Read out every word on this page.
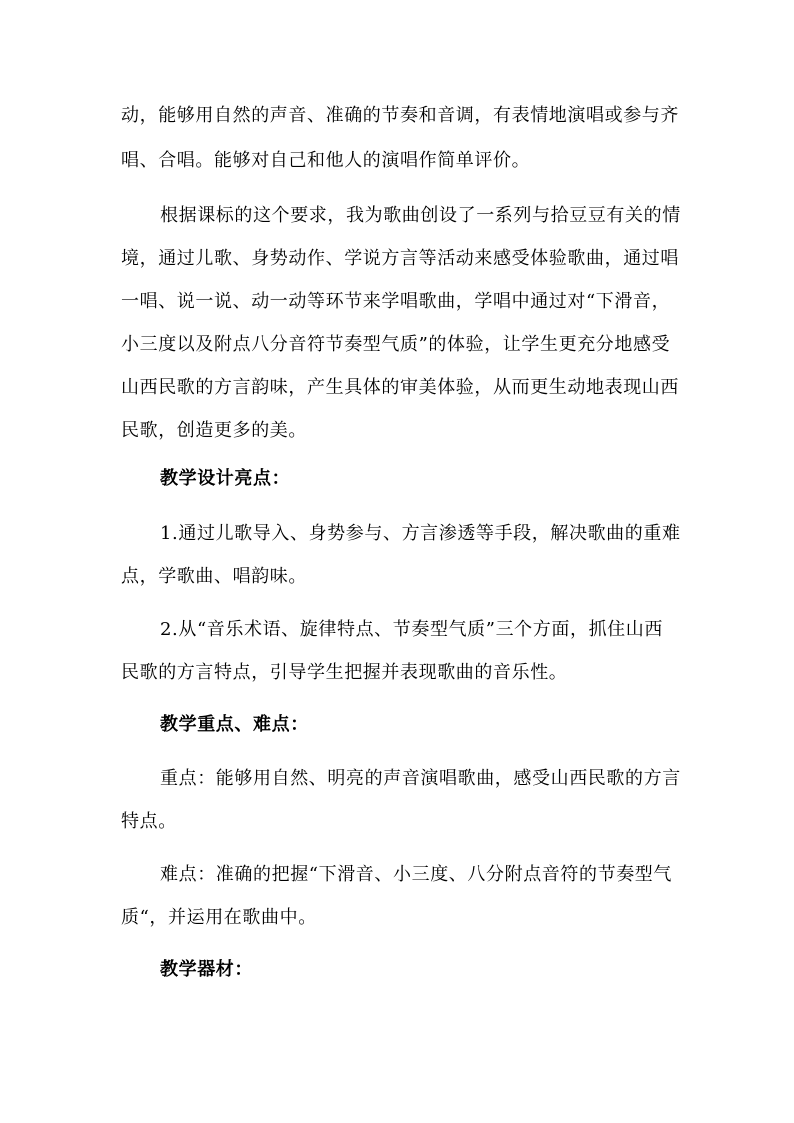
动，能够用自然的声音、准确的节奏和音调，有表情地演唱或参与齐
唱、合唱。能够对自己和他人的演唱作简单评价。
根据课标的这个要求，我为歌曲创设了一系列与拾豆豆有关的情
境，通过儿歌、身势动作、学说方言等活动来感受体验歌曲，通过唱
一唱、说一说、动一动等环节来学唱歌曲，学唱中通过对“下滑音，
小三度以及附点八分音符节奏型气质”的体验，让学生更充分地感受
山西民歌的方言韵味，产生具体的审美体验，从而更生动地表现山西
民歌，创造更多的美。
教学设计亮点：
1.通过儿歌导入、身势参与、方言渗透等手段，解决歌曲的重难
点，学歌曲、唱韵味。
2.从“音乐术语、旋律特点、节奏型气质”三个方面，抓住山西
民歌的方言特点，引导学生把握并表现歌曲的音乐性。
教学重点、难点：
重点：能够用自然、明亮的声音演唱歌曲，感受山西民歌的方言
特点。
难点：准确的把握“下滑音、小三度、八分附点音符的节奏型气
质“，并运用在歌曲中。
教学器材：
